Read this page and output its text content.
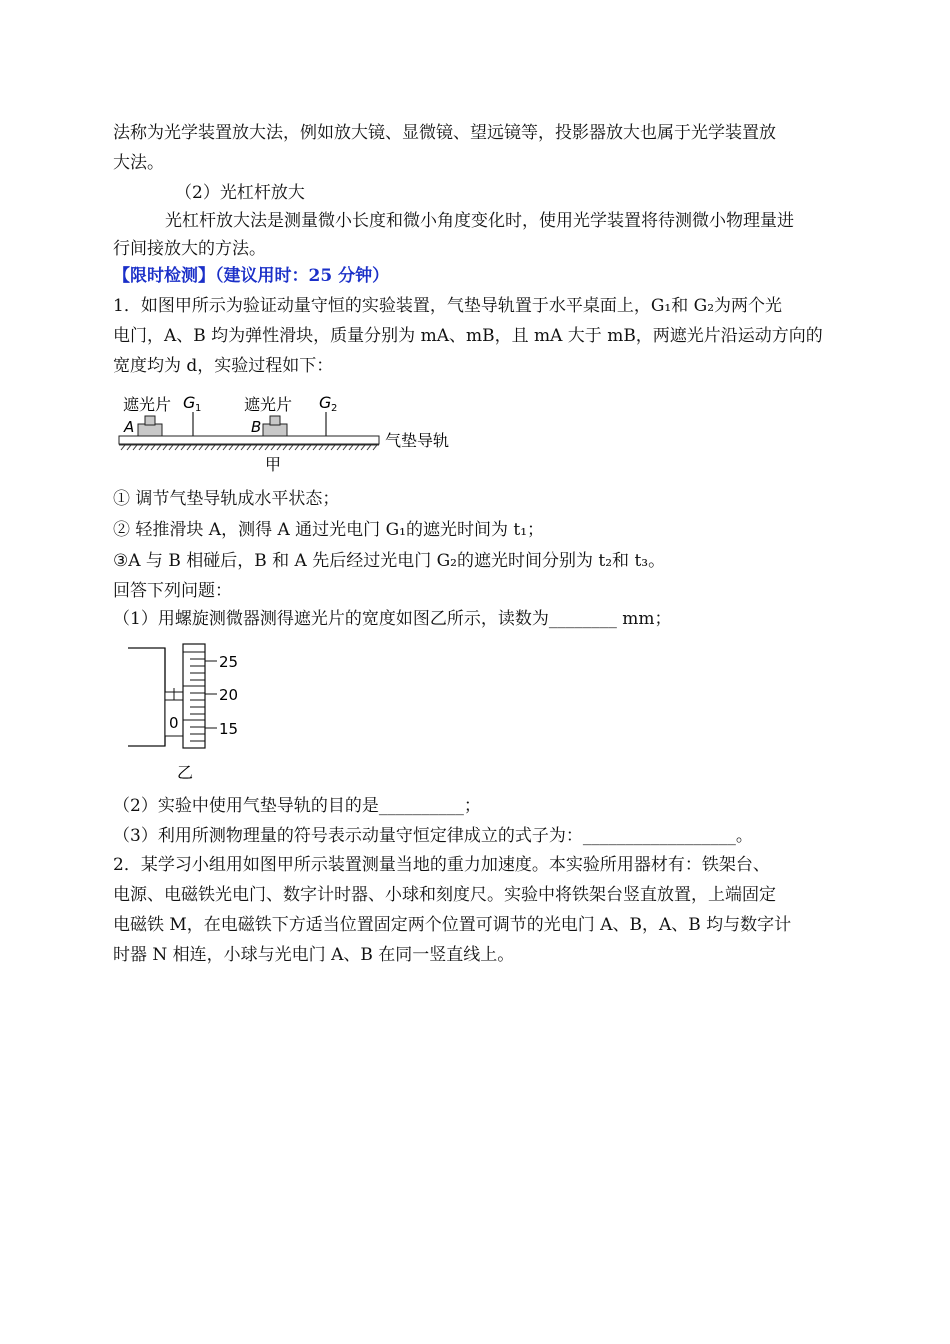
法称为光学装置放大法，例如放大镜、显微镜、望远镜等，投影器放大也属于光学装置放
大法。
（2）光杠杆放大
光杠杆放大法是测量微小长度和微小角度变化时，使用光学装置将待测微小物理量进
行间接放大的方法。
【限时检测】（建议用时：25 分钟）
1．如图甲所示为验证动量守恒的实验装置，气垫导轨置于水平桌面上，G₁和 G₂为两个光
电门，A、B 均为弹性滑块，质量分别为 mA、mB，且 mA 大于 mB，两遮光片沿运动方向的
宽度均为 d，实验过程如下：
遮光片 G 1	遮光片 G 2
A	B
气垫导轨
甲
① 调节气垫导轨成水平状态；
② 轻推滑块 A，测得 A 通过光电门 G₁的遮光时间为 t₁；
③A 与 B 相碰后，B 和 A 先后经过光电门 G₂的遮光时间分别为 t₂和 t₃。
回答下列问题：
（1）用螺旋测微器测得遮光片的宽度如图乙所示，读数为________ mm；
0
25
20
15
乙
（2）实验中使用气垫导轨的目的是__________；
（3）利用所测物理量的符号表示动量守恒定律成立的式子为：__________________。
2．某学习小组用如图甲所示装置测量当地的重力加速度。本实验所用器材有：铁架台、
电源、电磁铁光电门、数字计时器、小球和刻度尺。实验中将铁架台竖直放置，上端固定
电磁铁 M，在电磁铁下方适当位置固定两个位置可调节的光电门 A、B，A、B 均与数字计
时器 N 相连，小球与光电门 A、B 在同一竖直线上。
